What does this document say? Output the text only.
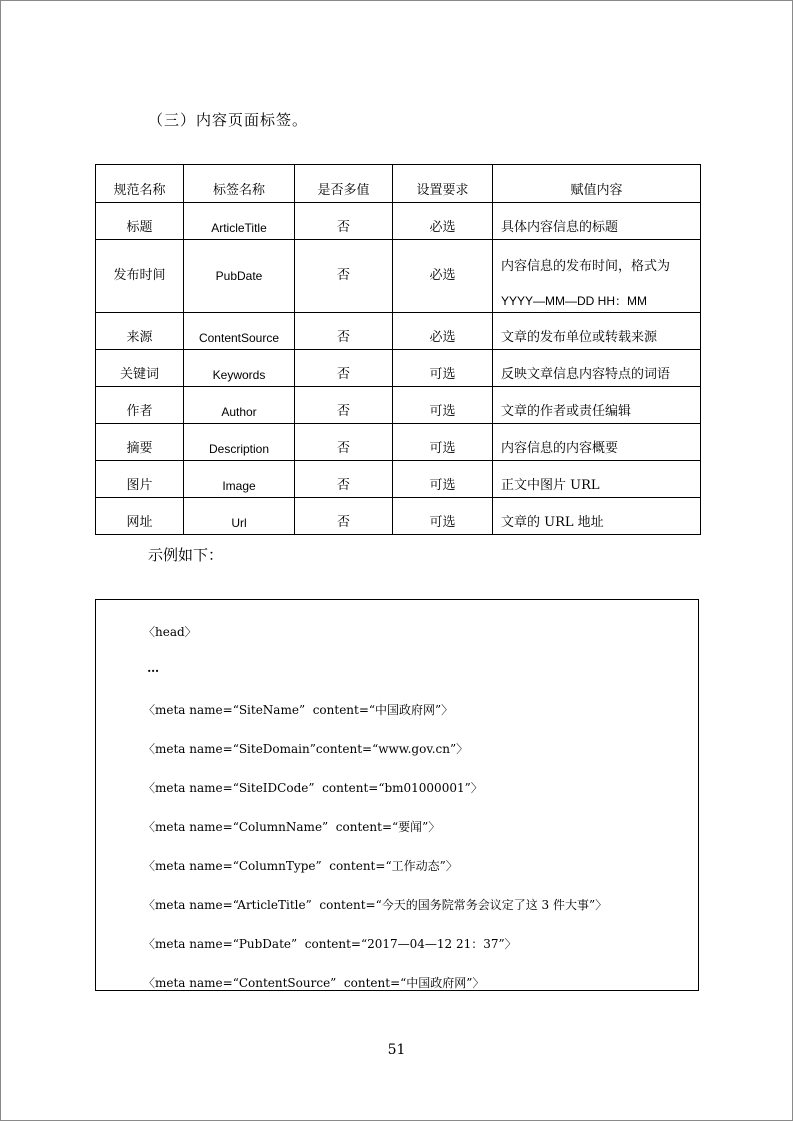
（三）内容页面标签。
规范名称	标签名称	是否多值	设置要求	赋值内容
标题	ArticleTitle	否	必选	具体内容信息的标题
发布时间	PubDate	否	必选	内容信息的发布时间，格式为
YYYY—MM—DD HH：MM

来源	ContentSource	否	必选	文章的发布单位或转载来源
关键词	Keywords	否	可选	反映文章信息内容特点的词语
作者	Author	否	可选	文章的作者或责任编辑
摘要	Description	否	可选	内容信息的内容概要
图片	Image	否	可选	正文中图片 URL
网址	Url	否	可选	文章的 URL 地址
示例如下：
〈head〉
…
〈meta name=“SiteName”  content=“中国政府网”〉
〈meta name=“SiteDomain”content=“www.gov.cn”〉
〈meta name=“SiteIDCode”  content=“bm01000001”〉
〈meta name=“ColumnName”  content=“要闻”〉
〈meta name=“ColumnType”  content=“工作动态”〉
〈meta name=“ArticleTitle”  content=“今天的国务院常务会议定了这 3 件大事”〉
〈meta name=“PubDate”  content=“2017—04—12 21：37”〉
〈meta name=“ContentSource”  content=“中国政府网”〉
51
